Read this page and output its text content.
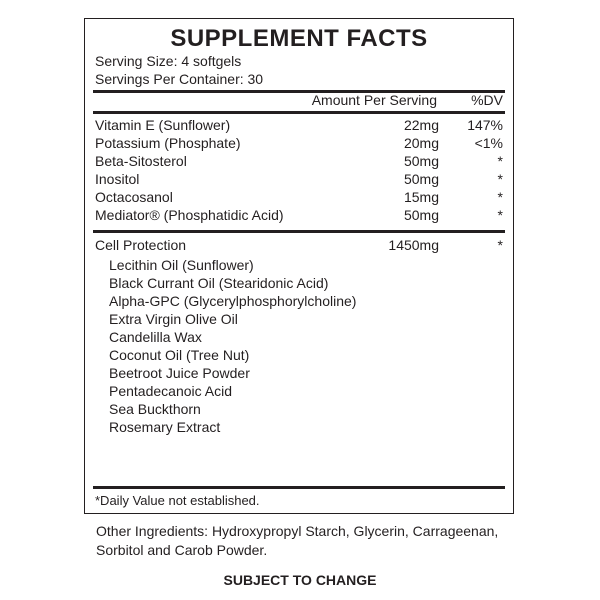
SUPPLEMENT FACTS
Serving Size: 4 softgels
Servings Per Container: 30
Amount Per Serving %DV
Vitamin E (Sunflower)	22mg 147%
Potassium (Phosphate)	20mg	<1%
Beta-Sitosterol	50mg	*
Inositol	50mg	*
Octacosanol	15mg	*
Mediator® (Phosphatidic Acid)	50mg	*
Cell Protection	1450mg	*
Lecithin Oil (Sunflower)
Black Currant Oil (Stearidonic Acid)
Alpha-GPC (Glycerylphosphorylcholine)
Extra Virgin Olive Oil
Candelilla Wax
Coconut Oil (Tree Nut)
Beetroot Juice Powder
Pentadecanoic Acid
Sea Buckthorn
Rosemary Extract
*Daily Value not established.
Other Ingredients: Hydroxypropyl Starch, Glycerin, Carrageenan, Sorbitol and Carob Powder.
SUBJECT TO CHANGE
